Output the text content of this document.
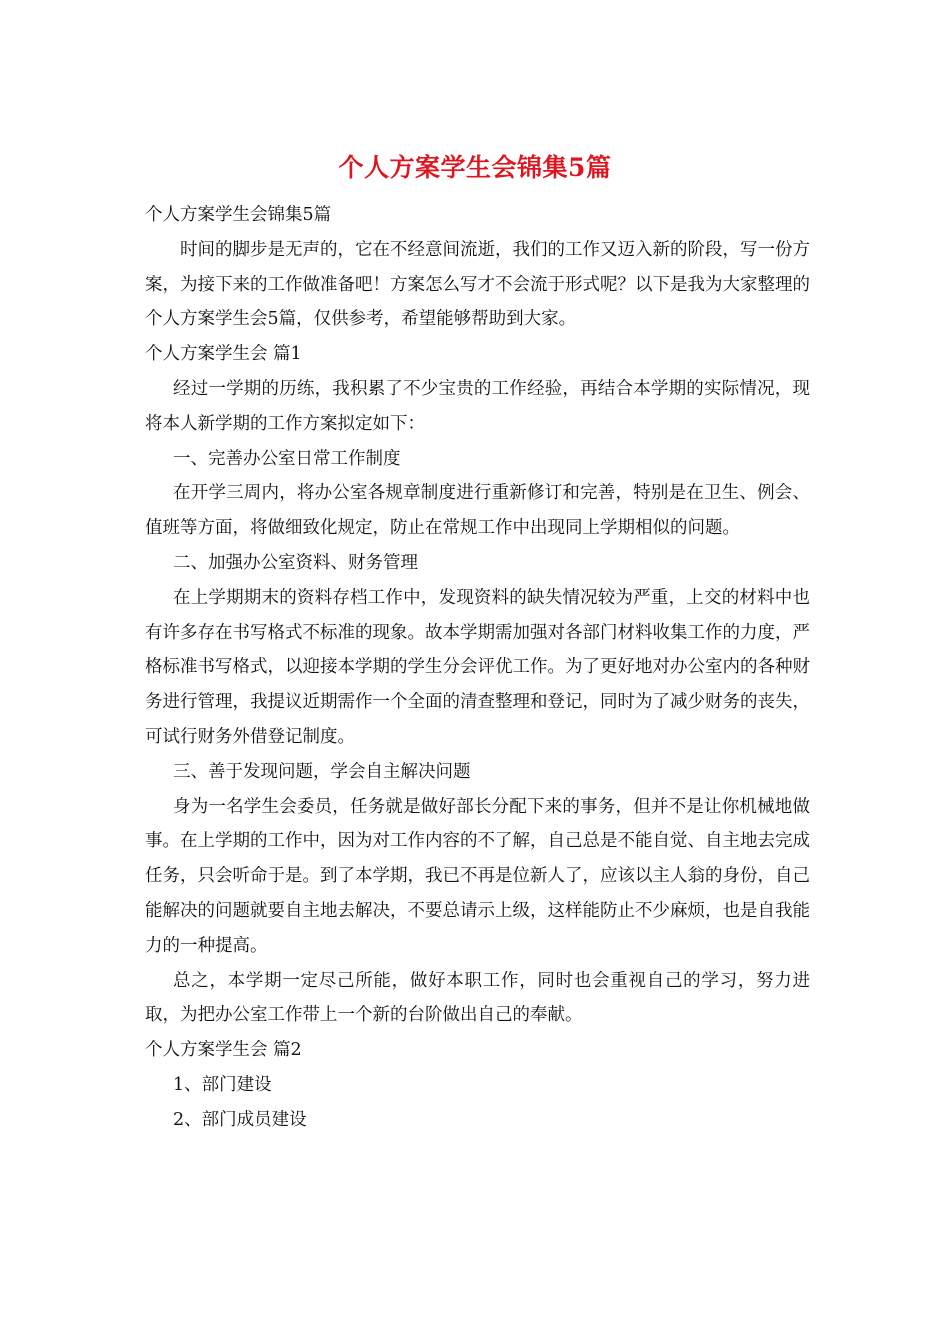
个人方案学生会锦集5篇

个人方案学生会锦集5篇

时间的脚步是无声的，它在不经意间流逝，我们的工作又迈入新的阶段，写一份方案，为接下来的工作做准备吧！方案怎么写才不会流于形式呢？以下是我为大家整理的个人方案学生会5篇，仅供参考，希望能够帮助到大家。

个人方案学生会 篇1

经过一学期的历练，我积累了不少宝贵的工作经验，再结合本学期的实际情况，现将本人新学期的工作方案拟定如下：

一、完善办公室日常工作制度

在开学三周内，将办公室各规章制度进行重新修订和完善，特别是在卫生、例会、值班等方面，将做细致化规定，防止在常规工作中出现同上学期相似的问题。

二、加强办公室资料、财务管理

在上学期期末的资料存档工作中，发现资料的缺失情况较为严重，上交的材料中也有许多存在书写格式不标准的现象。故本学期需加强对各部门材料收集工作的力度，严格标准书写格式，以迎接本学期的学生分会评优工作。为了更好地对办公室内的各种财务进行管理，我提议近期需作一个全面的清查整理和登记，同时为了减少财务的丧失，可试行财务外借登记制度。

三、善于发现问题，学会自主解决问题

身为一名学生会委员，任务就是做好部长分配下来的事务，但并不是让你机械地做事。在上学期的工作中，因为对工作内容的不了解，自己总是不能自觉、自主地去完成任务，只会听命于是。到了本学期，我已不再是位新人了，应该以主人翁的身份，自己能解决的问题就要自主地去解决，不要总请示上级，这样能防止不少麻烦，也是自我能力的一种提高。

总之，本学期一定尽己所能，做好本职工作，同时也会重视自己的学习，努力进取，为把办公室工作带上一个新的台阶做出自己的奉献。

个人方案学生会 篇2

1、部门建设

2、部门成员建设
